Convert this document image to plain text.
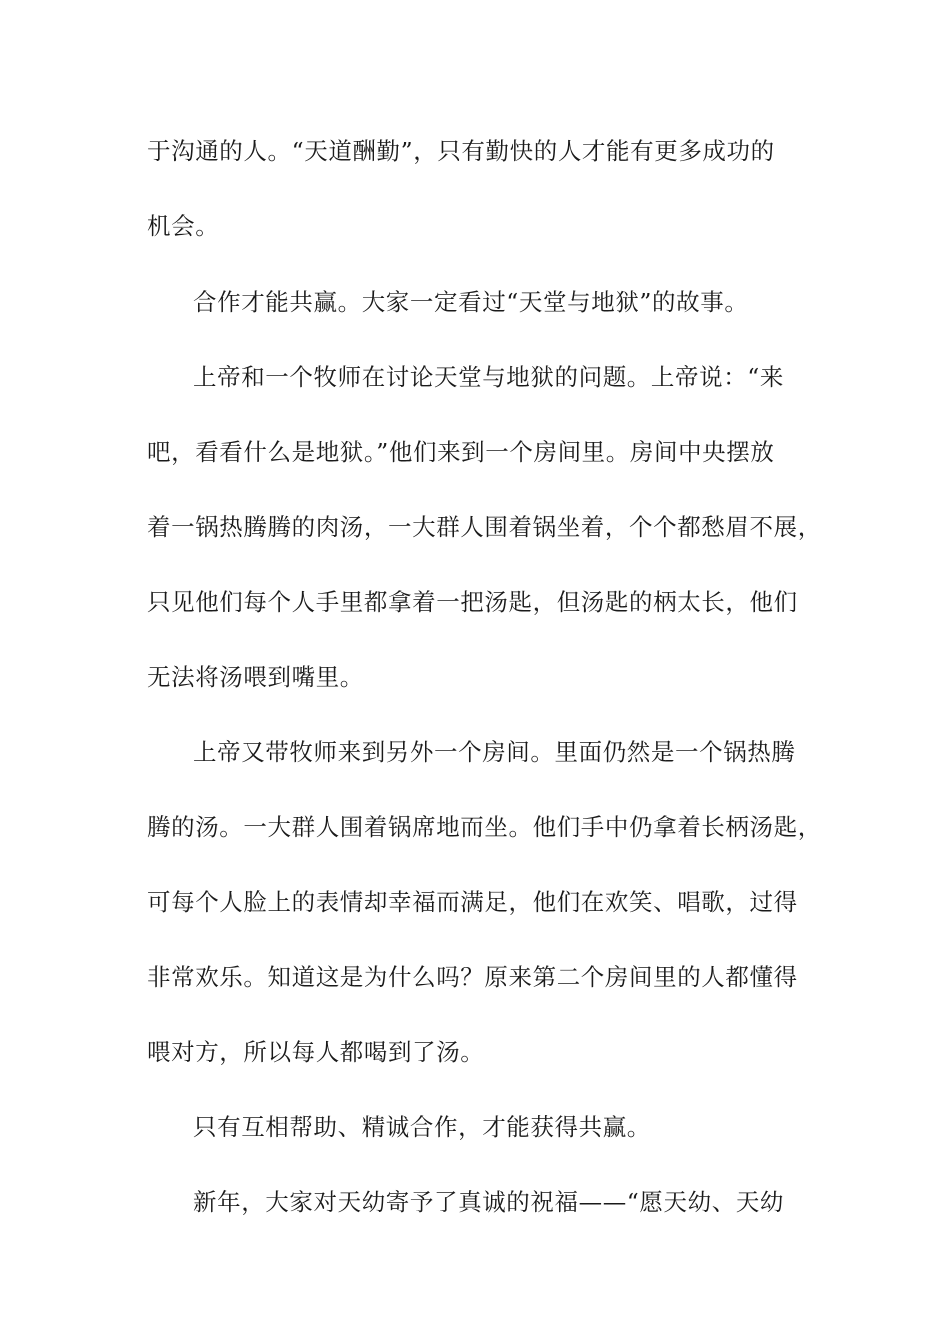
于沟通的人。“天道酬勤”，只有勤快的人才能有更多成功的
机会。
合作才能共赢。大家一定看过“天堂与地狱”的故事。
上帝和一个牧师在讨论天堂与地狱的问题。上帝说：“来
吧，看看什么是地狱。”他们来到一个房间里。房间中央摆放
着一锅热腾腾的肉汤，一大群人围着锅坐着，个个都愁眉不展，
只见他们每个人手里都拿着一把汤匙，但汤匙的柄太长，他们
无法将汤喂到嘴里。
上帝又带牧师来到另外一个房间。里面仍然是一个锅热腾
腾的汤。一大群人围着锅席地而坐。他们手中仍拿着长柄汤匙，
可每个人脸上的表情却幸福而满足，他们在欢笑、唱歌，过得
非常欢乐。知道这是为什么吗？原来第二个房间里的人都懂得
喂对方，所以每人都喝到了汤。
只有互相帮助、精诚合作，才能获得共赢。
新年，大家对天幼寄予了真诚的祝福——“愿天幼、天幼
